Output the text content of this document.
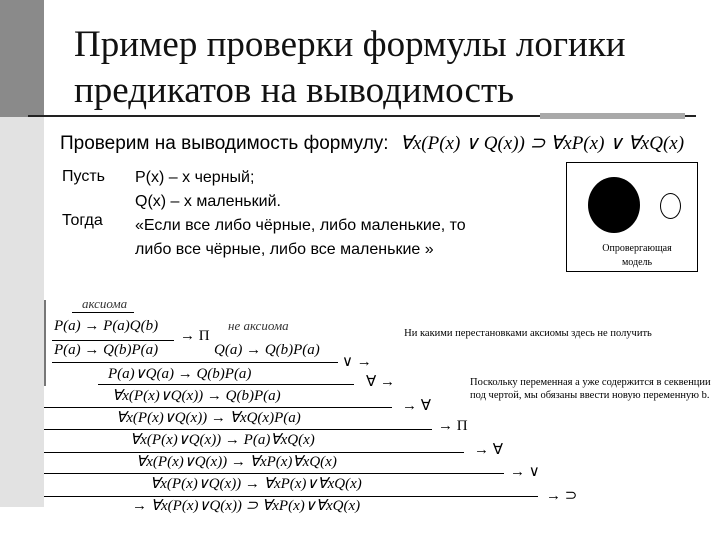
Пример проверки формулы логики
предикатов на выводимость
Проверим на выводимость формулу: ∀x(P(x) ∨ Q(x)) ⊃ ∀xP(x) ∨ ∀xQ(x)
Пусть
Тогда
P(x) – x черный;
Q(x) – x маленький.
«Если все либо чёрные, либо маленькие, то
либо все чёрные, либо все маленькие »	Опровергающая модель
Ни какими перестановками аксиомы здесь не получить
Поскольку переменная a уже содержится в секвенции под чертой, мы обязаны ввести новую переменную b.
аксиома
не аксиома
P(a) → P(a)Q(b)
→ Π
Q(a) → Q(b)P(a)
P(a) → Q(b)P(a)
∨ →
P(a)∨Q(a) → Q(b)P(a)	∀ →
∀x(P(x)∨Q(x)) → Q(b)P(a)
→ ∀
∀x(P(x)∨Q(x)) → ∀xQ(x)P(a)	→ Π
∀x(P(x)∨Q(x)) → P(a)∀xQ(x)
→ ∀
∀x(P(x)∨Q(x)) → ∀xP(x)∀xQ(x)
→ ∨
∀x(P(x)∨Q(x)) → ∀xP(x)∨∀xQ(x)
→ ⊃
→ ∀x(P(x)∨Q(x)) ⊃ ∀xP(x)∨∀xQ(x)
